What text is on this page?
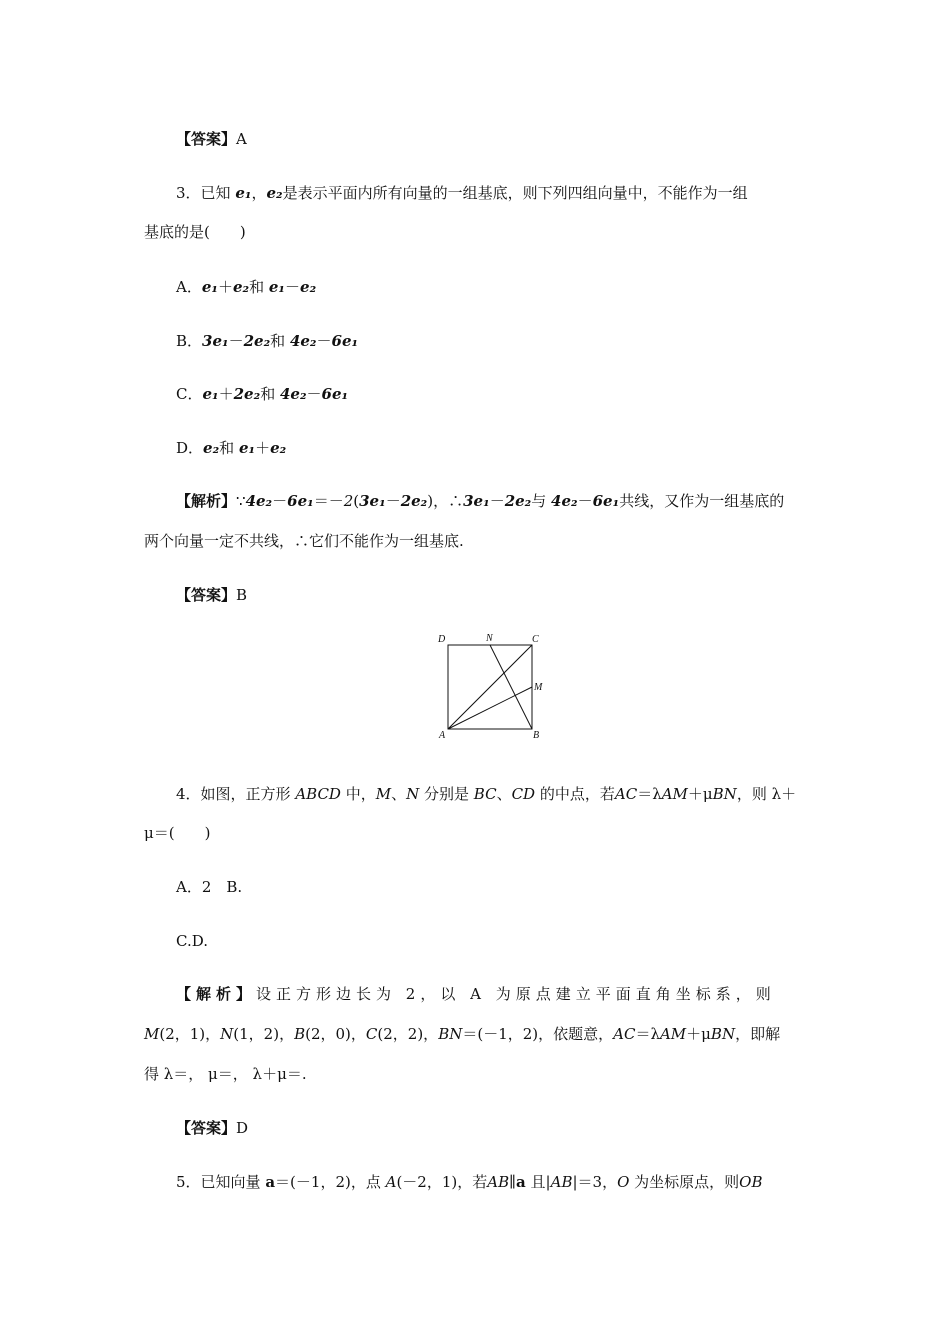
【答案】A
3．已知 e₁，e₂是表示平面内所有向量的一组基底，则下列四组向量中，不能作为一组
基底的是(　　)
A．e₁＋e₂和 e₁－e₂
B．3e₁－2e₂和 4e₂－6e₁
C．e₁＋2e₂和 4e₂－6e₁
D．e₂和 e₁＋e₂
【解析】∵4e₂－6e₁＝－2(3e₁－2e₂)，∴3e₁－2e₂与 4e₂－6e₁共线，又作为一组基底的
两个向量一定不共线，∴它们不能作为一组基底.
【答案】B
D	N	C
M
A	B
4．如图，正方形 ABCD 中，M、N 分别是 BC、CD 的中点，若AC＝λAM＋μBN，则 λ＋
μ＝(　　)
A．2　B.
C.D.
【解析】设正方形边长为 2，以 A 为原点建立平面直角坐标系，则
M(2，1)，N(1，2)，B(2，0)，C(2，2)，BN＝(－1，2)，依题意，AC＝λAM＋μBN，即解
得 λ＝， μ＝， λ＋μ＝.
【答案】D
5．已知向量 a＝(－1，2)，点 A(－2，1)，若AB∥a 且|AB|＝3，O 为坐标原点，则OB
